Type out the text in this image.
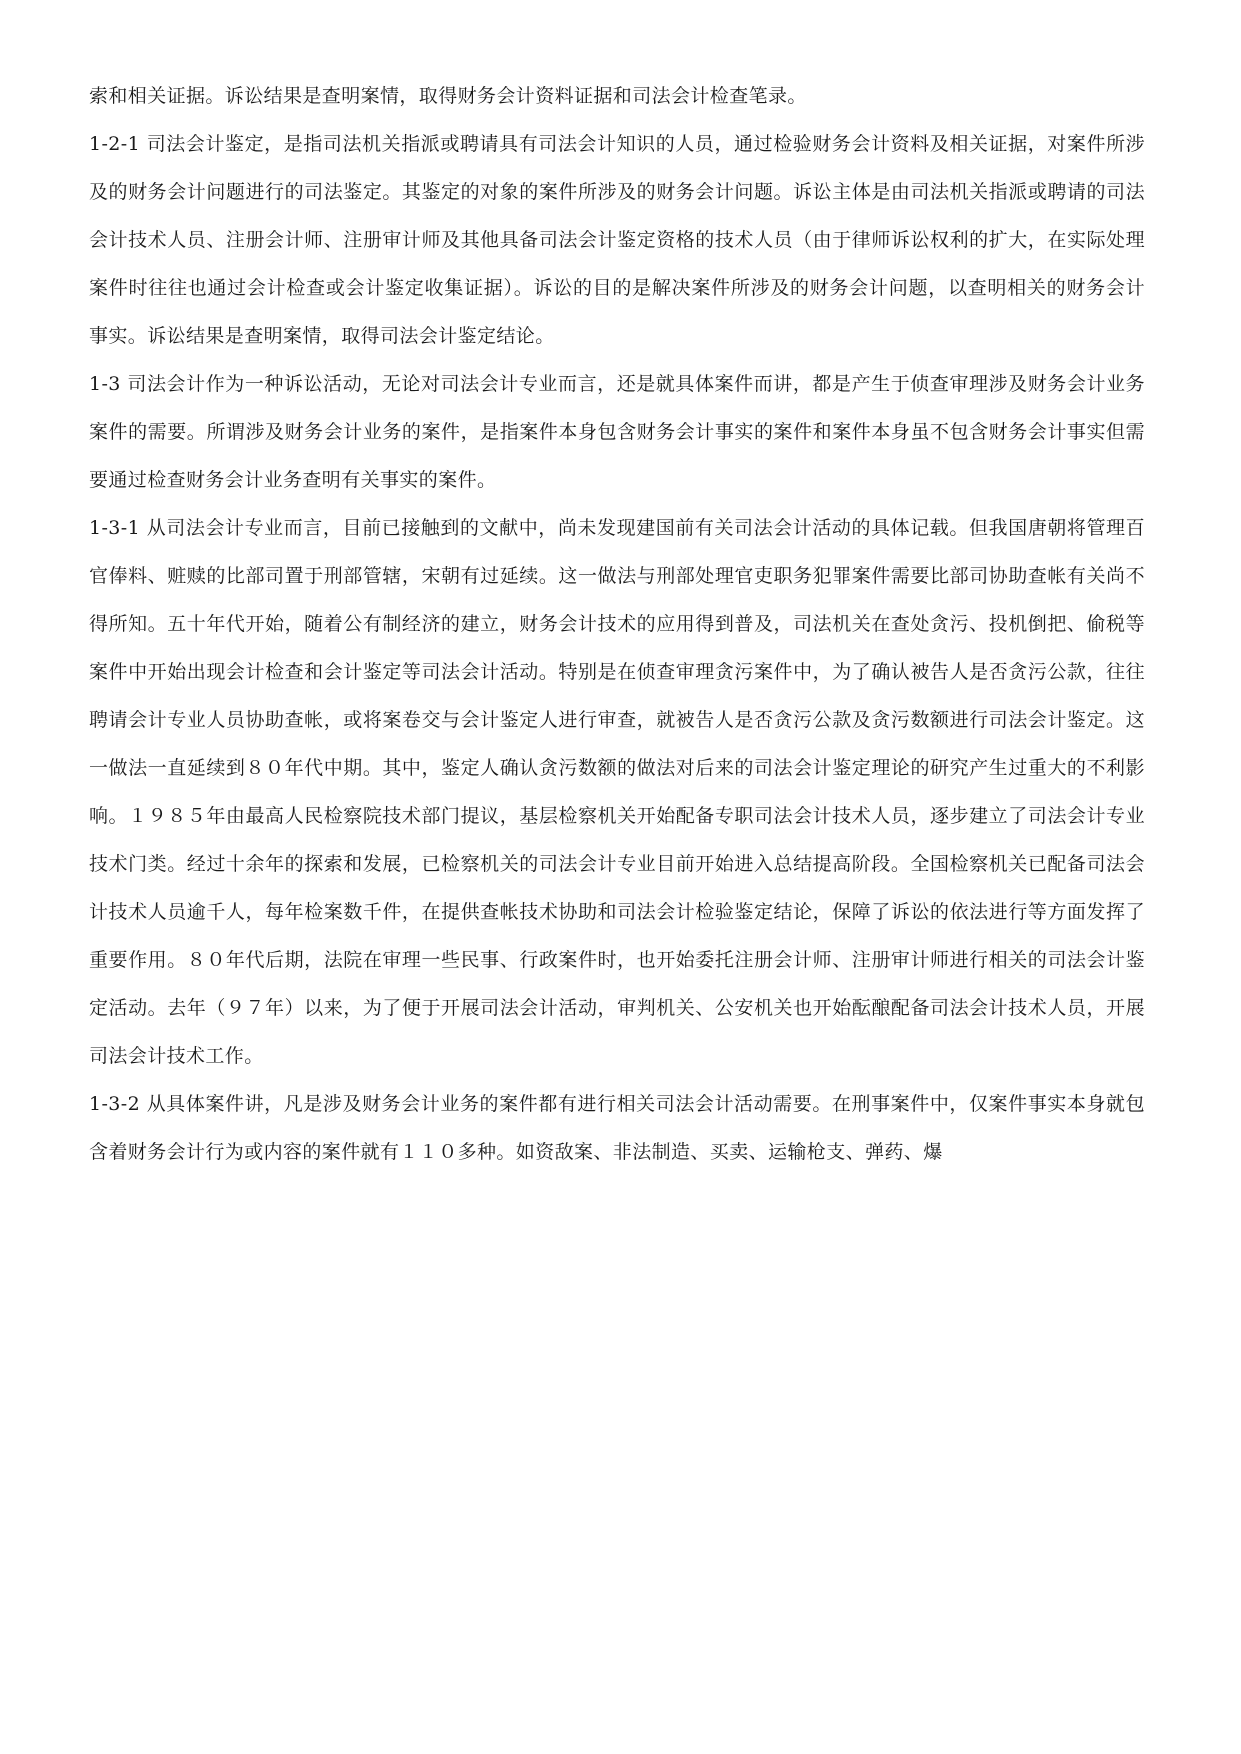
索和相关证据。诉讼结果是查明案情，取得财务会计资料证据和司法会计检查笔录。

1-2-1 司法会计鉴定，是指司法机关指派或聘请具有司法会计知识的人员，通过检验财务会计资料及相关证据，对案件所涉及的财务会计问题进行的司法鉴定。其鉴定的对象的案件所涉及的财务会计问题。诉讼主体是由司法机关指派或聘请的司法会计技术人员、注册会计师、注册审计师及其他具备司法会计鉴定资格的技术人员（由于律师诉讼权利的扩大，在实际处理案件时往往也通过会计检查或会计鉴定收集证据）。诉讼的目的是解决案件所涉及的财务会计问题，以查明相关的财务会计事实。诉讼结果是查明案情，取得司法会计鉴定结论。

1-3 司法会计作为一种诉讼活动，无论对司法会计专业而言，还是就具体案件而讲，都是产生于侦查审理涉及财务会计业务案件的需要。所谓涉及财务会计业务的案件，是指案件本身包含财务会计事实的案件和案件本身虽不包含财务会计事实但需要通过检查财务会计业务查明有关事实的案件。

1-3-1 从司法会计专业而言，目前已接触到的文献中，尚未发现建国前有关司法会计活动的具体记载。但我国唐朝将管理百官俸料、赃赎的比部司置于刑部管辖，宋朝有过延续。这一做法与刑部处理官吏职务犯罪案件需要比部司协助查帐有关尚不得所知。五十年代开始，随着公有制经济的建立，财务会计技术的应用得到普及，司法机关在查处贪污、投机倒把、偷税等案件中开始出现会计检查和会计鉴定等司法会计活动。特别是在侦查审理贪污案件中，为了确认被告人是否贪污公款，往往聘请会计专业人员协助查帐，或将案卷交与会计鉴定人进行审查，就被告人是否贪污公款及贪污数额进行司法会计鉴定。这一做法一直延续到８０年代中期。其中，鉴定人确认贪污数额的做法对后来的司法会计鉴定理论的研究产生过重大的不利影响。１９８５年由最高人民检察院技术部门提议，基层检察机关开始配备专职司法会计技术人员，逐步建立了司法会计专业技术门类。经过十余年的探索和发展，已检察机关的司法会计专业目前开始进入总结提高阶段。全国检察机关已配备司法会计技术人员逾千人，每年检案数千件，在提供查帐技术协助和司法会计检验鉴定结论，保障了诉讼的依法进行等方面发挥了重要作用。８０年代后期，法院在审理一些民事、行政案件时，也开始委托注册会计师、注册审计师进行相关的司法会计鉴定活动。去年（９７年）以来，为了便于开展司法会计活动，审判机关、公安机关也开始酝酿配备司法会计技术人员，开展司法会计技术工作。

1-3-2 从具体案件讲，凡是涉及财务会计业务的案件都有进行相关司法会计活动需要。在刑事案件中，仅案件事实本身就包含着财务会计行为或内容的案件就有１１０多种。如资敌案、非法制造、买卖、运输枪支、弹药、爆
